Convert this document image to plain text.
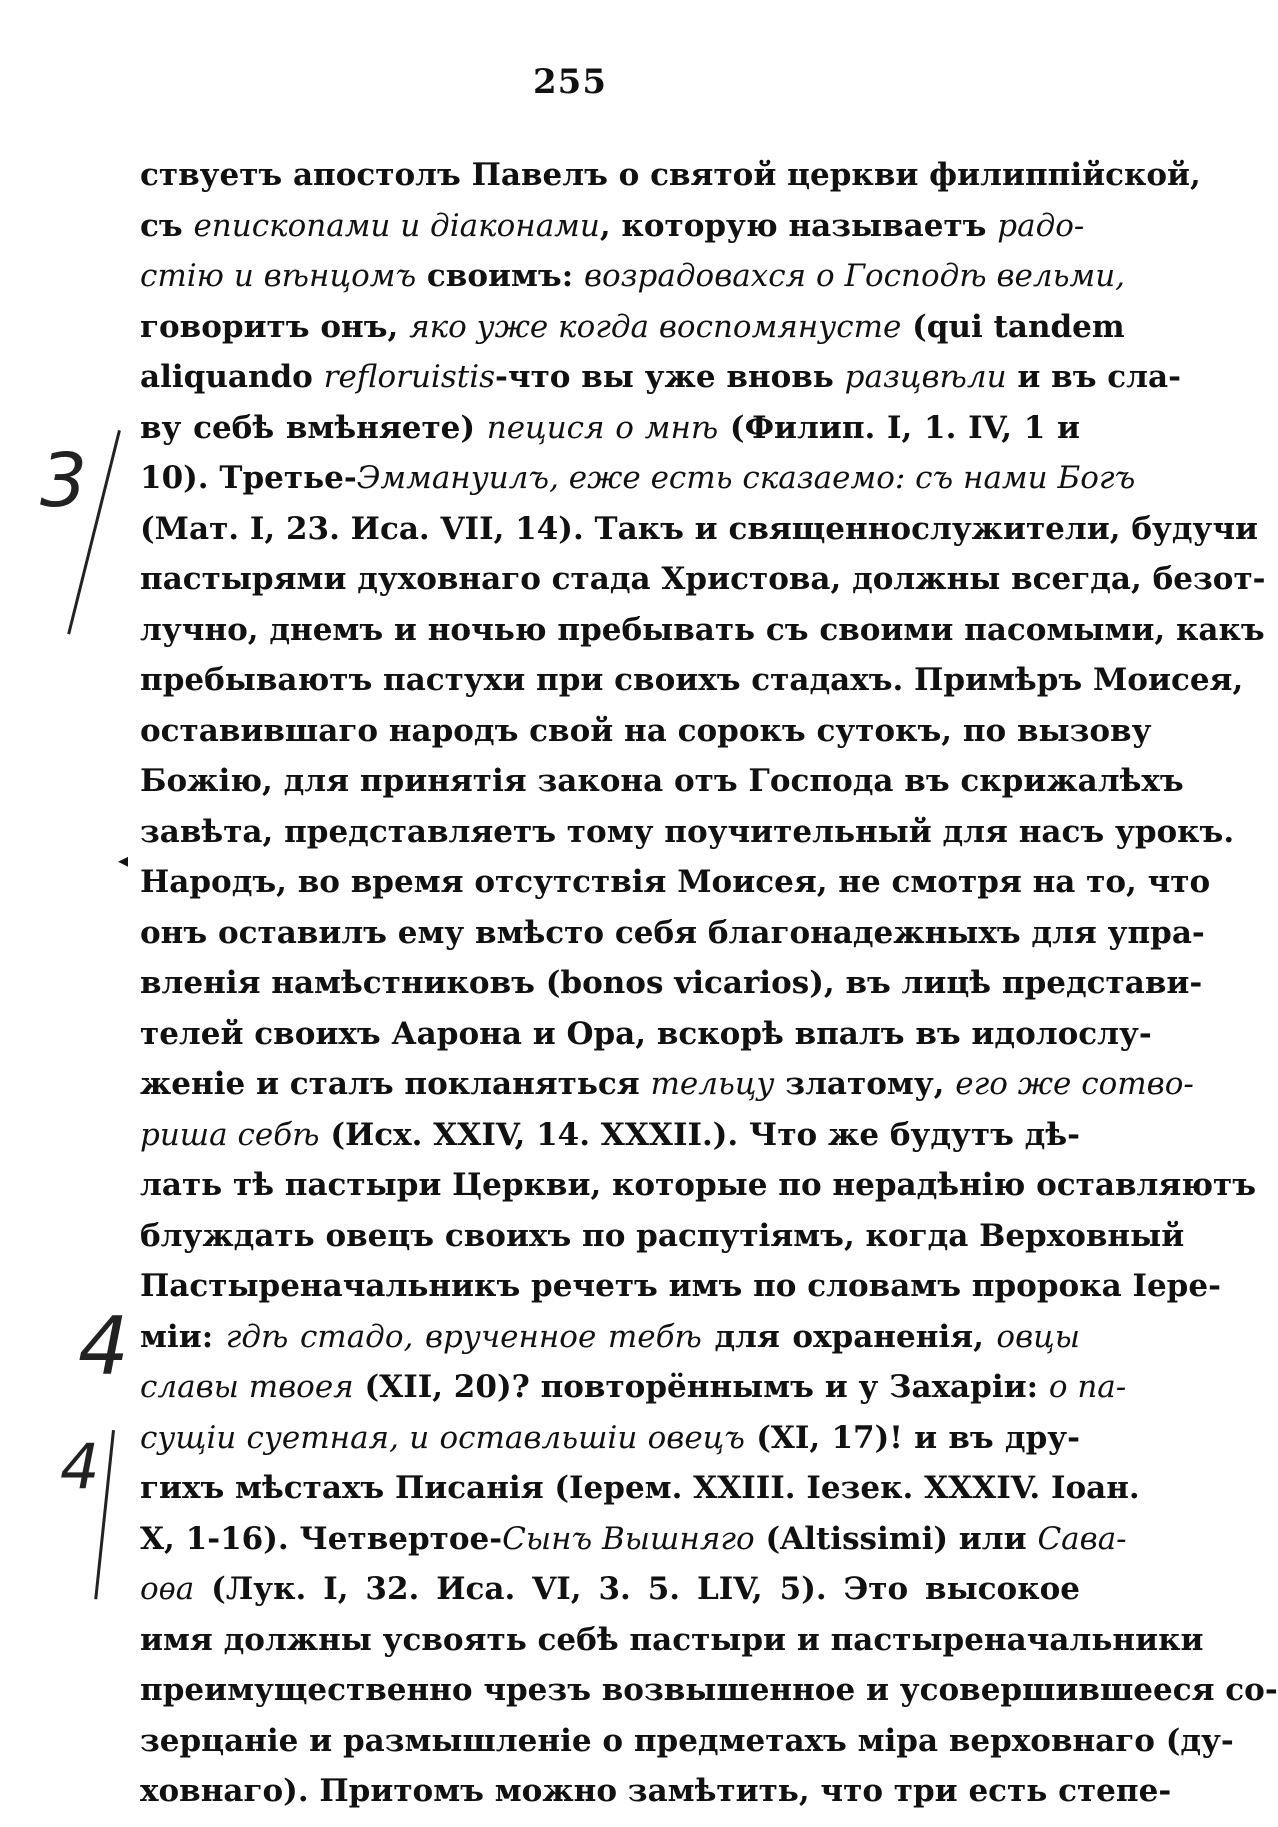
255
3
◂
4
4
ствуетъ апостолъ Павелъ о святой церкви филиппійской,
съ епископами и діаконами, которую называетъ радо-
стію и вѣнцомъ своимъ: возрадовахся о Господѣ вельми,
говоритъ онъ, яко уже когда воспомянусте (qui tandem
aliquando refloruistis-что вы уже вновь разцвѣли и въ сла-
ву себѣ вмѣняете) пецися о мнѣ (Филип. I, 1. IV, 1 и
10). Третье-Эммануилъ, еже есть сказаемо: съ нами Богъ
(Мат. I, 23. Иса. VII, 14). Такъ и священнослужители, будучи
пастырями духовнаго стада Христова, должны всегда, безот-
лучно, днемъ и ночью пребывать съ своими пасомыми, какъ
пребываютъ пастухи при своихъ стадахъ. Примѣръ Моисея,
оставившаго народъ свой на сорокъ сутокъ, по вызову
Божію, для принятія закона отъ Господа въ скрижалѣхъ
завѣта, представляетъ тому поучительный для насъ урокъ.
Народъ, во время отсутствія Моисея, не смотря на то, что
онъ оставилъ ему вмѣсто себя благонадежныхъ для упра-
вленія намѣстниковъ (bonos vicarios), въ лицѣ представи-
телей своихъ Аарона и Ора, вскорѣ впалъ въ идолослу-
женіе и сталъ покланяться тельцу златому, его же сотво-
риша себѣ (Исх. XXIV, 14. XXXII.). Что же будутъ дѣ-
лать тѣ пастыри Церкви, которые по нерадѣнію оставляютъ
блуждать овецъ своихъ по распутіямъ, когда Верховный
Пастыреначальникъ речетъ имъ по словамъ пророка Іере-
міи: гдѣ стадо, врученное тебѣ для охраненія, овцы
славы твоея (XII, 20)? повторённымъ и у Захаріи: о па-
сущіи суетная, и оставльшіи овецъ (XI, 17)! и въ дру-
гихъ мѣстахъ Писанія (Iерем. XXIII. Iезек. XXXIV. Iоан.
X, 1-16). Четвертое-Сынъ Вышняго (Altissimi) или Сава-
оѳа (Лук. I, 32. Иса. VI, 3. 5. LIV, 5). Это высокое
имя должны усвоять себѣ пастыри и пастыреначальники
преимущественно чрезъ возвышенное и усовершившееся со-
зерцаніе и размышленіе о предметахъ міра верховнаго (ду-
ховнаго). Притомъ можно замѣтить, что три есть степе-
